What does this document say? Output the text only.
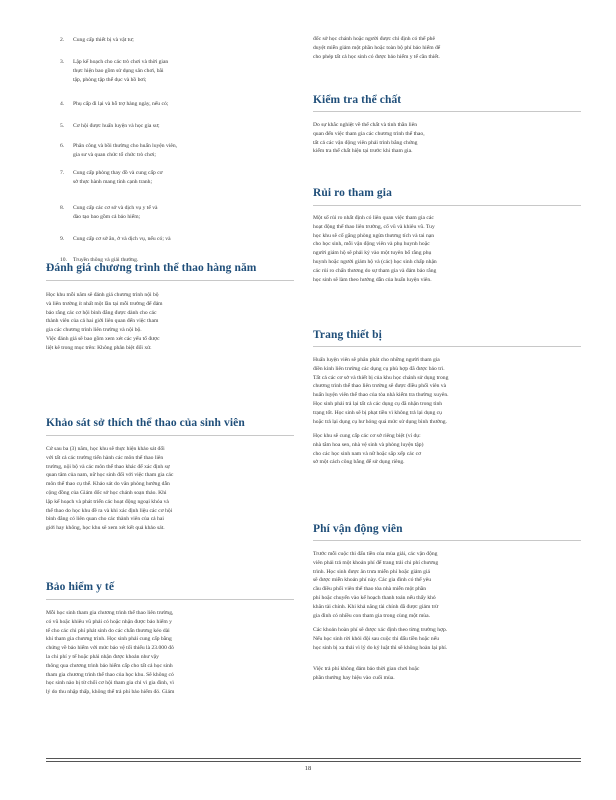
2. Cung cấp thiết bị và vật tư;
3. Lập kế hoạch cho các trò chơi và thời gian
thực hiện bao gồm sử dụng sân chơi, bãi
tập, phòng tập thể dục và hồ bơi;
4. Phụ cấp đi lại và hỗ trợ hàng ngày, nếu có;
5. Cơ hội được huấn luyện và học gia sư;
6. Phân công và bồi thường cho huấn luyện viên,
gia sư và quan chức tổ chức trò chơi;
7. Cung cấp phòng thay đồ và cung cấp cơ
sở thực hành mang tính cạnh tranh;
8. Cung cấp các cơ sở và dịch vụ y tế và
đào tạo bao gồm cả bảo hiểm;
9. Cung cấp cơ sở ăn, ở và dịch vụ, nếu có; và
10. Truyền thông và giải thưởng.
Đánh giá chương trình thể thao hàng năm

Học khu mỗi năm sẽ đánh giá chương trình nội bộ
và liên trường ít nhất một lần tại mỗi trường để đảm
bảo rằng các cơ hội bình đẳng được dành cho các
thành viên của cả hai giới liên quan đến việc tham
gia các chương trình liên trường và nội bộ.
Việc đánh giá sẽ bao gồm xem xét các yếu tố được
liệt kê trong mục trên: Không phân biệt đối xử.

Khảo sát sở thích thể thao của sinh viên

Cứ sau ba (3) năm, học khu sẽ thực hiện khảo sát đối
với tất cả các trường tiến hành các môn thể thao liên
trường, nội bộ và các môn thể thao khác để xác định sự
quan tâm của nam, nữ học sinh đối với việc tham gia các
môn thể thao cụ thể. Khảo sát do văn phòng hướng dẫn
cộng đồng của Giám đốc sở học chánh soạn thảo. Khi
lập kế hoạch và phát triển các hoạt động ngoại khóa và
thể thao do học khu đề ra và khi xác định liệu các cơ hội
bình đẳng có liên quan cho các thành viên của cả hai
giới hay không, học khu sẽ xem xét kết quả khảo sát.

Bảo hiểm y tế

Mỗi học sinh tham gia chương trình thể thao liên trường,
có vũ hoặc khiêu vũ phải có hoặc nhận được bảo hiểm y
tế cho các chi phí phát sinh do các chấn thương kéo dài
khi tham gia chương trình. Học sinh phải cung cấp bằng
chứng về bảo hiểm với mức bảo vệ tối thiểu là 23.000 đô
la chi phí y tế hoặc phải nhận được khoản như vậy
thông qua chương trình bảo hiểm cấp cho tất cả học sinh
tham gia chương trình thể thao của học khu. Sẽ không có
học sinh nào bị từ chối cơ hội tham gia chỉ vì gia đình, vì
lý do thu nhập thấp, không thể trả phí bảo hiểm đó. Giám

đốc sở học chánh hoặc người được chỉ định có thể phê
duyệt miễn giảm một phần hoặc toàn bộ phí bảo hiểm để
cho phép tất cả học sinh có được bảo hiểm y tế cần thiết.

Kiểm tra thể chất

Do sự khắc nghiệt về thể chất và tinh thần liên
quan đến việc tham gia các chương trình thể thao,
tất cả các vận động viên phải trình bằng chứng
kiểm tra thể chất hiện tại trước khi tham gia.

Rủi ro tham gia

Một số rủi ro nhất định có liên quan việc tham gia các
hoạt động thể thao liên trường, cổ vũ và khiêu vũ. Tuy
học khu sẽ cố gắng phòng ngừa thương tích và tai nạn
cho học sinh, mỗi vận động viên và phụ huynh hoặc
người giám hộ sẽ phải ký vào một tuyên bố rằng phụ
huynh hoặc người giám hộ và (các) học sinh chấp nhận
các rủi ro chấn thương do sự tham gia và đảm bảo rằng
học sinh sẽ làm theo hướng dẫn của huấn luyện viên.

Trang thiết bị

Huấn luyện viên sẽ phân phát cho những người tham gia
điền kinh liên trường các dụng cụ phù hợp đã được bảo trì.
Tất cả các cơ sở và thiết bị của khu học chánh sử dụng trong
chương trình thể thao liên trường sẽ được điều phối viên và
huấn luyện viên thể thao của tòa nhà kiểm tra thường xuyên.
Học sinh phải trả lại tất cả các dụng cụ đã nhận trong tình
trạng tốt. Học sinh sẽ bị phạt tiền vì không trả lại dụng cụ
hoặc trả lại dụng cụ hư hỏng quá mức sử dụng bình thường.

Học khu sẽ cung cấp các cơ sở riêng biệt (ví dụ:
nhà tắm hoa sen, nhà vệ sinh và phòng luyện tập)
cho các học sinh nam và nữ hoặc sắp xếp các cơ
sở một cách công bằng để sử dụng riêng.

Phí vận động viên

Trước mỗi cuộc thi đấu tiền của mùa giải, các vận động
viên phải trả một khoản phí để trang trải chi phí chương
trình. Học sinh được ân trưa miễn phí hoặc giảm giá
sẽ được miễn khoản phí này. Các gia đình có thể yêu
cầu điều phối viên thể thao tòa nhà miễn một phần
phí hoặc chuyển vào kế hoạch thanh toán nếu thấy khó
khăn tài chính. Khi khả năng tài chính đã được giảm trừ
gia đình có nhiều con tham gia trong cùng một mùa.

Các khoản hoàn phí sẽ được xác định theo từng trường hợp.
Nếu học sinh rời khỏi đội sau cuộc thi đấu tiền hoặc nếu
học sinh bị xa thải vì lý do kỷ luật thì sẽ không hoàn lại phí.

Việc trả phí không đảm bảo thời gian chơi hoặc
phần thưởng hay hiệu vào cuối mùa.

18
